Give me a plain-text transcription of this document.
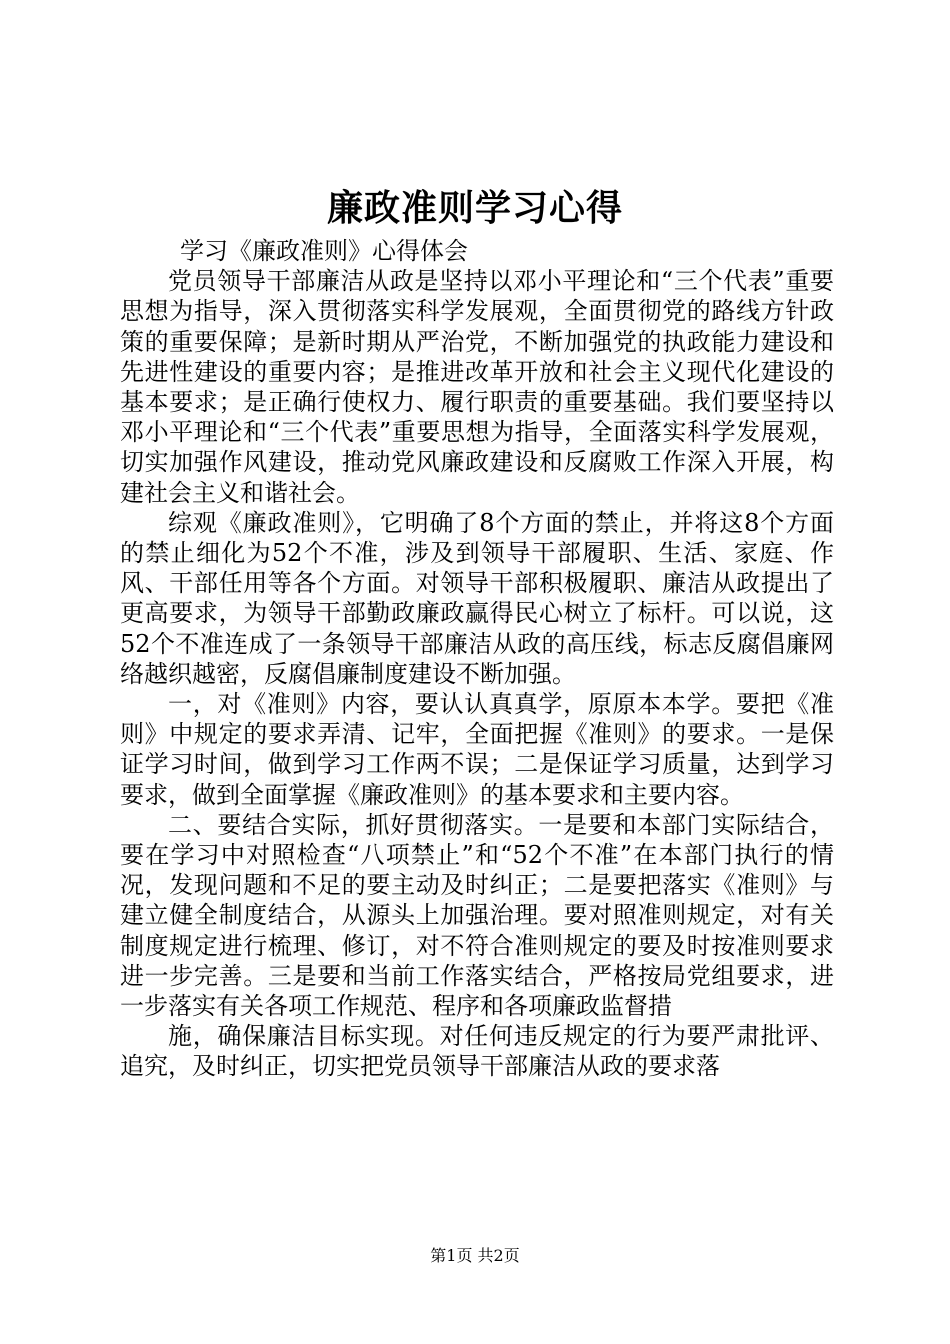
廉政准则学习心得

学习《廉政准则》心得体会

党员领导干部廉洁从政是坚持以邓小平理论和“三个代表”重要思想为指导，深入贯彻落实科学发展观，全面贯彻党的路线方针政策的重要保障；是新时期从严治党，不断加强党的执政能力建设和先进性建设的重要内容；是推进改革开放和社会主义现代化建设的基本要求；是正确行使权力、履行职责的重要基础。我们要坚持以邓小平理论和“三个代表”重要思想为指导，全面落实科学发展观，切实加强作风建设，推动党风廉政建设和反腐败工作深入开展，构建社会主义和谐社会。

综观《廉政准则》，它明确了8个方面的禁止，并将这8个方面的禁止细化为52个不准，涉及到领导干部履职、生活、家庭、作风、干部任用等各个方面。对领导干部积极履职、廉洁从政提出了更高要求，为领导干部勤政廉政赢得民心树立了标杆。可以说，这52个不准连成了一条领导干部廉洁从政的高压线，标志反腐倡廉网络越织越密，反腐倡廉制度建设不断加强。

一，对《准则》内容，要认认真真学，原原本本学。要把《准则》中规定的要求弄清、记牢，全面把握《准则》的要求。一是保证学习时间，做到学习工作两不误；二是保证学习质量，达到学习要求，做到全面掌握《廉政准则》的基本要求和主要内容。

二、要结合实际，抓好贯彻落实。一是要和本部门实际结合，要在学习中对照检查“八项禁止”和“52个不准”在本部门执行的情况，发现问题和不足的要主动及时纠正；二是要把落实《准则》与建立健全制度结合，从源头上加强治理。要对照准则规定，对有关制度规定进行梳理、修订，对不符合准则规定的要及时按准则要求进一步完善。三是要和当前工作落实结合，严格按局党组要求，进一步落实有关各项工作规范、程序和各项廉政监督措

施，确保廉洁目标实现。对任何违反规定的行为要严肃批评、追究，及时纠正，切实把党员领导干部廉洁从政的要求落

第1页 共2页
